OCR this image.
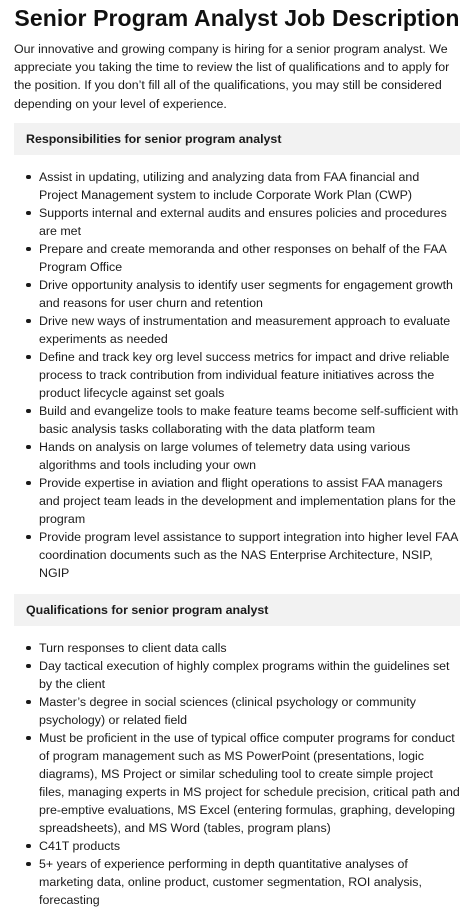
Senior Program Analyst Job Description

Our innovative and growing company is hiring for a senior program analyst. We appreciate you taking the time to review the list of qualifications and to apply for the position. If you don’t fill all of the qualifications, you may still be considered depending on your level of experience.

Responsibilities for senior program analyst
Assist in updating, utilizing and analyzing data from FAA financial and Project Management system to include Corporate Work Plan (CWP)
Supports internal and external audits and ensures policies and procedures are met
Prepare and create memoranda and other responses on behalf of the FAA Program Office
Drive opportunity analysis to identify user segments for engagement growth and reasons for user churn and retention
Drive new ways of instrumentation and measurement approach to evaluate experiments as needed
Define and track key org level success metrics for impact and drive reliable process to track contribution from individual feature initiatives across the product lifecycle against set goals
Build and evangelize tools to make feature teams become self-sufficient with basic analysis tasks collaborating with the data platform team
Hands on analysis on large volumes of telemetry data using various algorithms and tools including your own
Provide expertise in aviation and flight operations to assist FAA managers and project team leads in the development and implementation plans for the program
Provide program level assistance to support integration into higher level FAA coordination documents such as the NAS Enterprise Architecture, NSIP, NGIP
Qualifications for senior program analyst
Turn responses to client data calls
Day tactical execution of highly complex programs within the guidelines set by the client
Master’s degree in social sciences (clinical psychology or community psychology) or related field
Must be proficient in the use of typical office computer programs for conduct of program management such as MS PowerPoint (presentations, logic diagrams), MS Project or similar scheduling tool to create simple project files, managing experts in MS project for schedule precision, critical path and pre-emptive evaluations, MS Excel (entering formulas, graphing, developing spreadsheets), and MS Word (tables, program plans)
C41T products
5+ years of experience performing in depth quantitative analyses of marketing data, online product, customer segmentation, ROI analysis, forecasting
